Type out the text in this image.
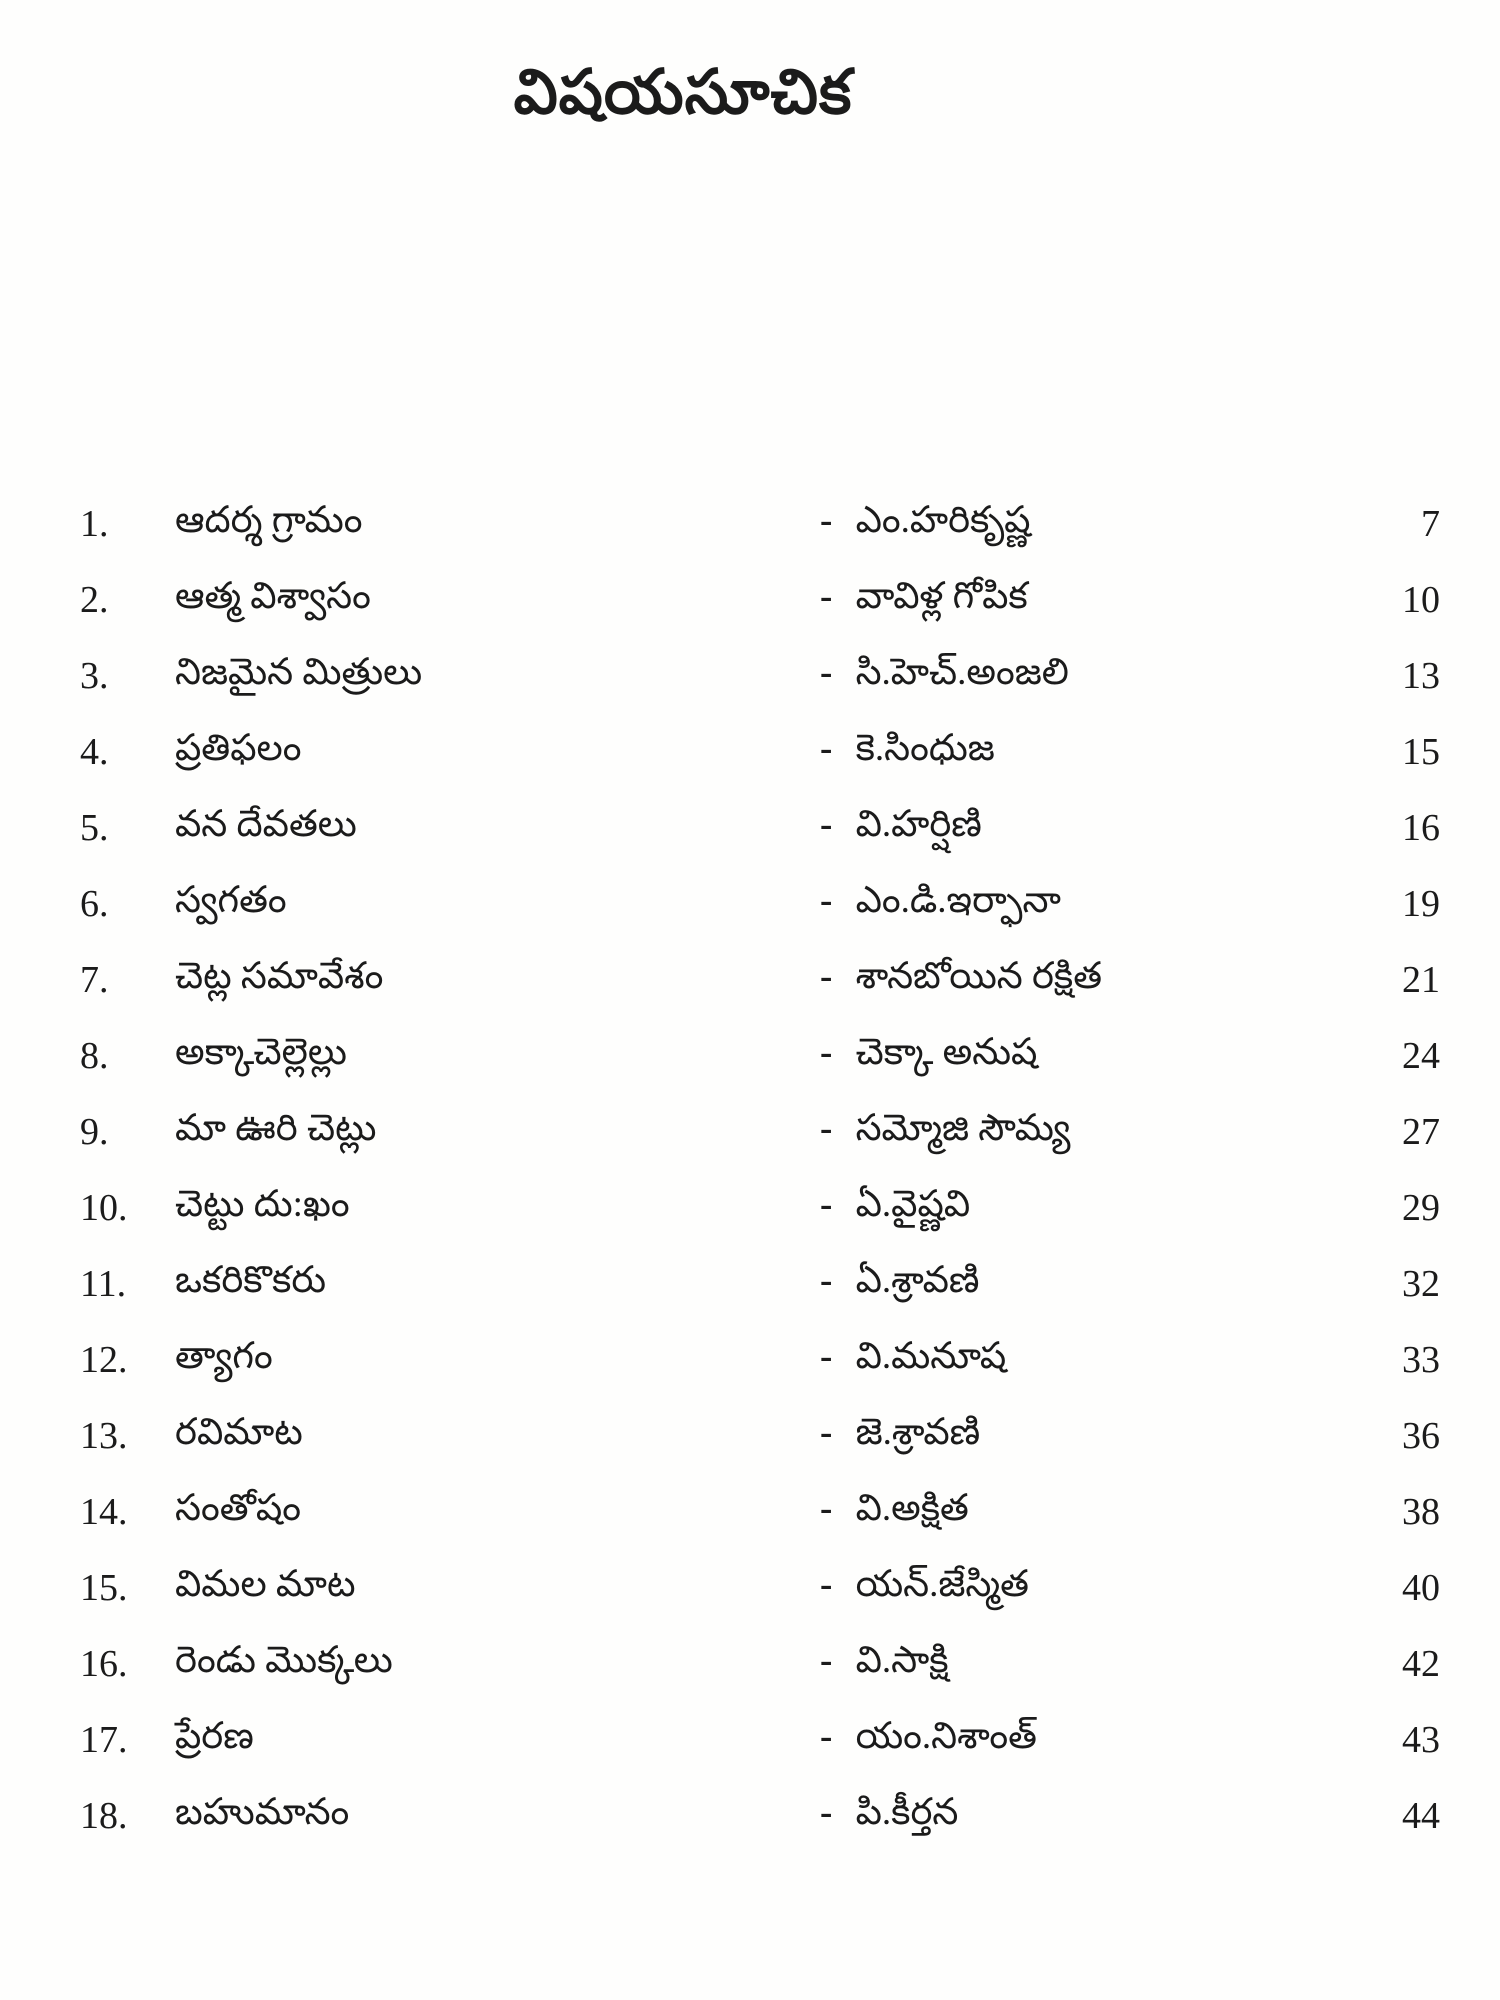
విషయసూచిక
1.	ఆదర్శ గ్రామం	- ఎం.హరికృష్ణ	7
2.	ఆత్మ విశ్వాసం	- వావిళ్ల గోపిక	10
3.	నిజమైన మిత్రులు	- సి.హెచ్.అంజలి	13
4.	ప్రతిఫలం	- కె.సింధుజ	15
5.	వన దేవతలు	- వి.హర్షిణి	16
6.	స్వగతం	- ఎం.డి.ఇర్ఫానా	19
7.	చెట్ల సమావేశం	- శానబోయిన రక్షిత	21
8.	అక్కాచెల్లెల్లు	- చెక్కా అనుష	24
9.	మా ఊరి చెట్లు	- సమ్మోజి సౌమ్య	27
10.	చెట్టు దు:ఖం	- ఏ.వైష్ణవి	29
11.	ఒకరికొకరు	- ఏ.శ్రావణి	32
12.	త్యాగం	- వి.మనూష	33
13.	రవిమాట	- జె.శ్రావణి	36
14.	సంతోషం	- వి.అక్షిత	38
15.	విమల మాట	- యన్.జేస్మిత	40
16.	రెండు మొక్కలు	- వి.సాక్షి	42
17.	ప్రేరణ	- యం.నిశాంత్	43
18.	బహుమానం	- పి.కీర్తన	44
